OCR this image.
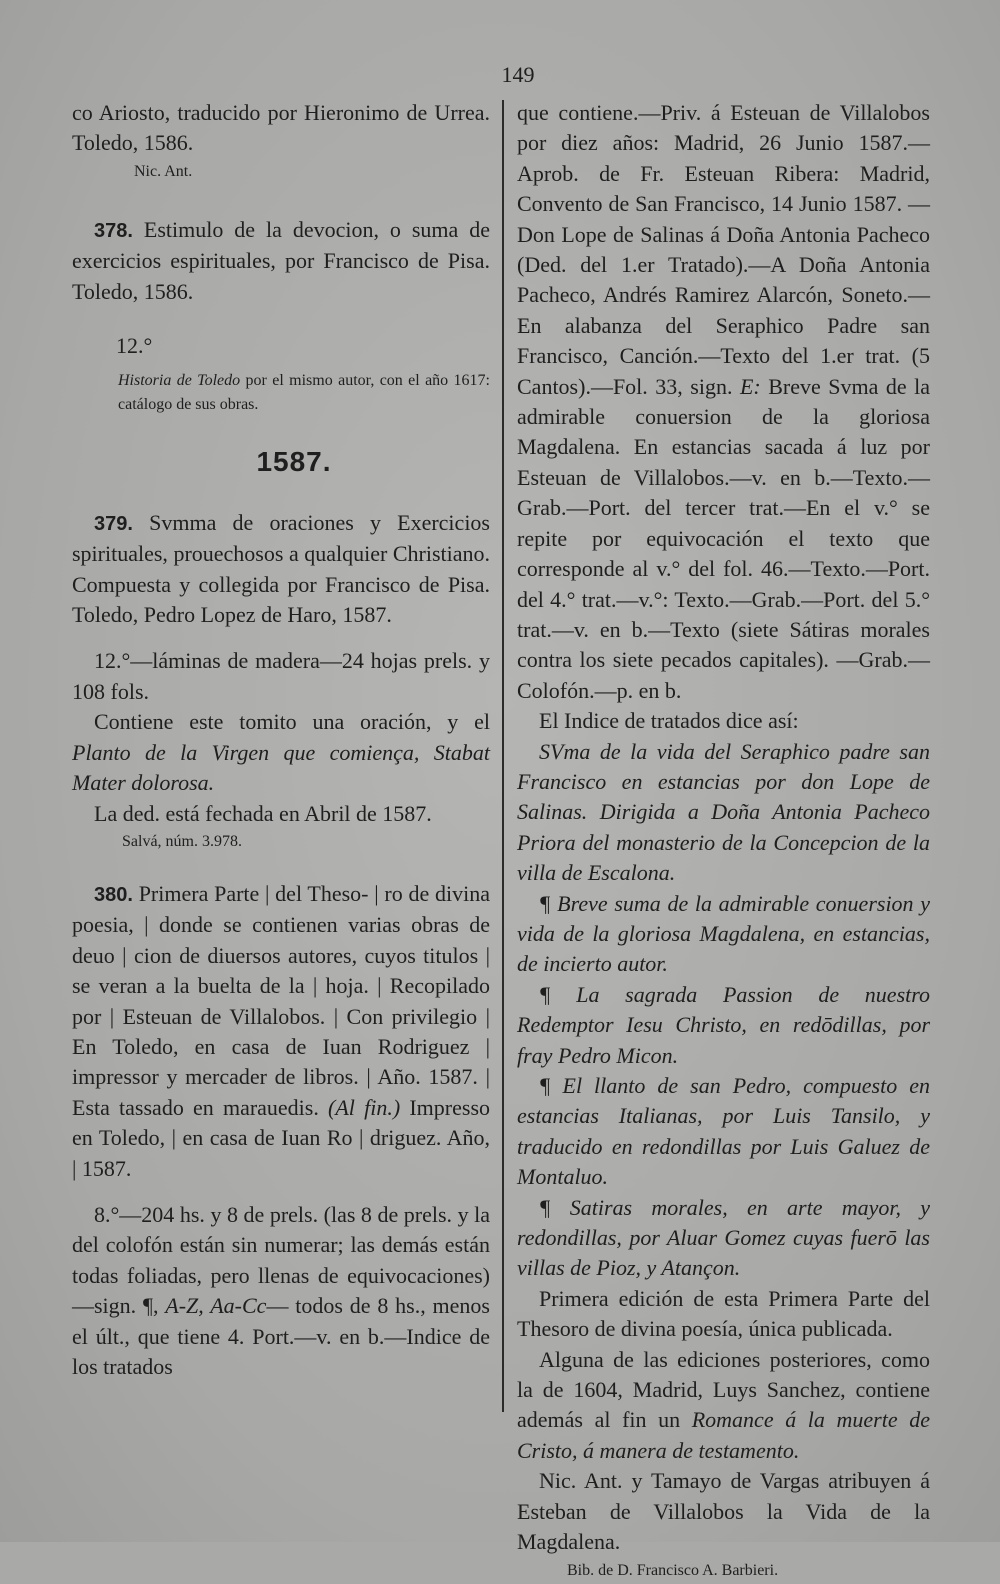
149

co Ariosto, traducido por Hieronimo de Urrea. Toledo, 1586.

Nic. Ant.

378. Estimulo de la devocion, o suma de exercicios espirituales, por Francisco de Pisa. Toledo, 1586.

12.°

Historia de Toledo por el mismo autor, con el año 1617: catálogo de sus obras.

1587.

379. Svmma de oraciones y Exercicios spirituales, prouechosos a qualquier Christiano. Compuesta y collegida por Francisco de Pisa. Toledo, Pedro Lopez de Haro, 1587.

12.°—láminas de madera—24 hojas prels. y 108 fols.

Contiene este tomito una oración, y el Planto de la Virgen que comiença, Stabat Mater dolorosa.

La ded. está fechada en Abril de 1587.

Salvá, núm. 3.978.

380. Primera Parte | del Theso- | ro de divina poesia, | donde se contienen varias obras de deuo | cion de diuersos autores, cuyos titulos | se veran a la buelta de la | hoja. | Recopilado por | Esteuan de Villalobos. | Con privilegio | En Toledo, en casa de Iuan Rodriguez | impressor y mercader de libros. | Año. 1587. | Esta tassado en marauedis. (Al fin.) Impresso en Toledo, | en casa de Iuan Ro | driguez. Año, | 1587.

8.°—204 hs. y 8 de prels. (las 8 de prels. y la del colofón están sin numerar; las demás están todas foliadas, pero llenas de equivocaciones)—sign. ¶, A-Z, Aa-Cc— todos de 8 hs., menos el últ., que tiene 4. Port.—v. en b.—Indice de los tratados

que contiene.—Priv. á Esteuan de Villalobos por diez años: Madrid, 26 Junio 1587.— Aprob. de Fr. Esteuan Ribera: Madrid, Convento de San Francisco, 14 Junio 1587. —Don Lope de Salinas á Doña Antonia Pacheco (Ded. del 1.er Tratado).—A Doña Antonia Pacheco, Andrés Ramirez Alarcón, Soneto.—En alabanza del Seraphico Padre san Francisco, Canción.—Texto del 1.er trat. (5 Cantos).—Fol. 33, sign. E: Breve Svma de la admirable conuersion de la gloriosa Magdalena. En estancias sacada á luz por Esteuan de Villalobos.—v. en b.—Texto.— Grab.—Port. del tercer trat.—En el v.° se repite por equivocación el texto que corresponde al v.° del fol. 46.—Texto.—Port. del 4.° trat.—v.°: Texto.—Grab.—Port. del 5.° trat.—v. en b.—Texto (siete Sátiras morales contra los siete pecados capitales). —Grab.—Colofón.—p. en b.

El Indice de tratados dice así:

SVma de la vida del Seraphico padre san Francisco en estancias por don Lope de Salinas. Dirigida a Doña Antonia Pacheco Priora del monasterio de la Concepcion de la villa de Escalona.

¶ Breve suma de la admirable conuersion y vida de la gloriosa Magdalena, en estancias, de incierto autor.

¶ La sagrada Passion de nuestro Redemptor Iesu Christo, en redōdillas, por fray Pedro Micon.

¶ El llanto de san Pedro, compuesto en estancias Italianas, por Luis Tansilo, y traducido en redondillas por Luis Galuez de Montaluo.

¶ Satiras morales, en arte mayor, y redondillas, por Aluar Gomez cuyas fuerō las villas de Pioz, y Atançon.

Primera edición de esta Primera Parte del Thesoro de divina poesía, única publicada.

Alguna de las ediciones posteriores, como la de 1604, Madrid, Luys Sanchez, contiene además al fin un Romance á la muerte de Cristo, á manera de testamento.

Nic. Ant. y Tamayo de Vargas atribuyen á Esteban de Villalobos la Vida de la Magdalena.

Bib. de D. Francisco A. Barbieri.
